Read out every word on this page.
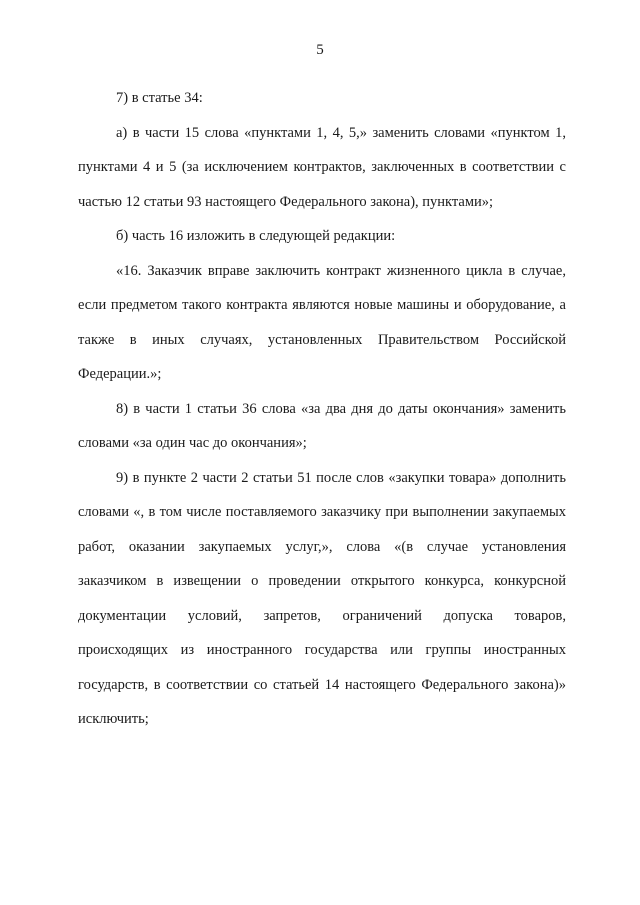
5

7) в статье 34:

а) в части 15 слова «пунктами 1, 4, 5,» заменить словами «пунктом 1, пунктами 4 и 5 (за исключением контрактов, заключенных в соответствии с частью 12 статьи 93 настоящего Федерального закона), пунктами»;

б) часть 16 изложить в следующей редакции:

«16. Заказчик вправе заключить контракт жизненного цикла в случае, если предметом такого контракта являются новые машины и оборудование, а также в иных случаях, установленных Правительством Российской Федерации.»;

8) в части 1 статьи 36 слова «за два дня до даты окончания» заменить словами «за один час до окончания»;

9) в пункте 2 части 2 статьи 51 после слов «закупки товара» дополнить словами «, в том числе поставляемого заказчику при выполнении закупаемых работ, оказании закупаемых услуг,», слова «(в случае установления заказчиком в извещении о проведении открытого конкурса, конкурсной документации условий, запретов, ограничений допуска товаров, происходящих из иностранного государства или группы иностранных государств, в соответствии со статьей 14 настоящего Федерального закона)» исключить;
